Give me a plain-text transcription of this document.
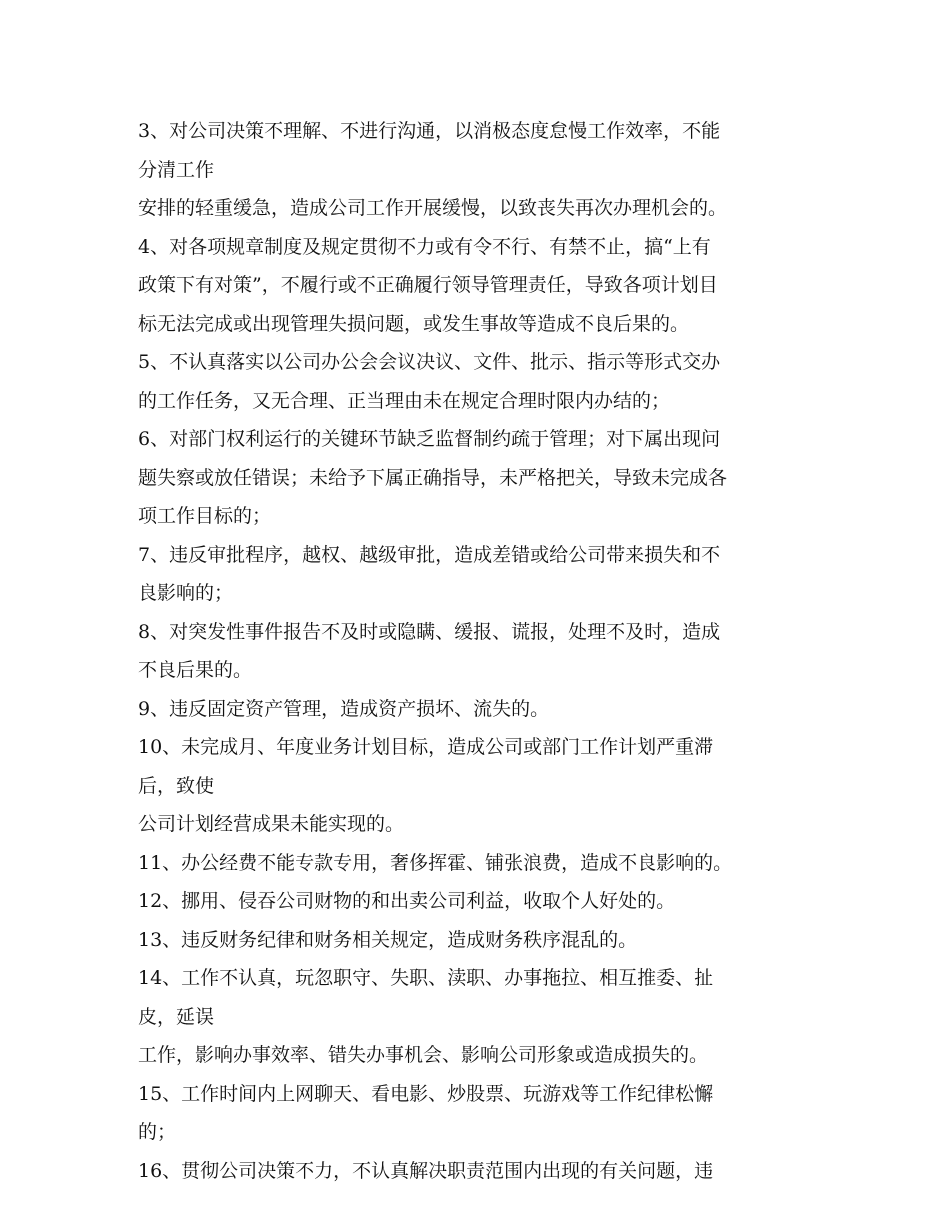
3、对公司决策不理解、不进行沟通，以消极态度怠慢工作效率，不能
分清工作
安排的轻重缓急，造成公司工作开展缓慢，以致丧失再次办理机会的。
4、对各项规章制度及规定贯彻不力或有令不行、有禁不止，搞“上有
政策下有对策”，不履行或不正确履行领导管理责任，导致各项计划目
标无法完成或出现管理失损问题，或发生事故等造成不良后果的。
5、不认真落实以公司办公会会议决议、文件、批示、指示等形式交办
的工作任务，又无合理、正当理由未在规定合理时限内办结的；
6、对部门权利运行的关键环节缺乏监督制约疏于管理；对下属出现问
题失察或放任错误；未给予下属正确指导，未严格把关，导致未完成各
项工作目标的；
7、违反审批程序，越权、越级审批，造成差错或给公司带来损失和不
良影响的；
8、对突发性事件报告不及时或隐瞒、缓报、谎报，处理不及时，造成
不良后果的。
9、违反固定资产管理，造成资产损坏、流失的。
10、未完成月、年度业务计划目标，造成公司或部门工作计划严重滞
后，致使
公司计划经营成果未能实现的。
11、办公经费不能专款专用，奢侈挥霍、铺张浪费，造成不良影响的。
12、挪用、侵吞公司财物的和出卖公司利益，收取个人好处的。
13、违反财务纪律和财务相关规定，造成财务秩序混乱的。
14、工作不认真，玩忽职守、失职、渎职、办事拖拉、相互推委、扯
皮，延误
工作，影响办事效率、错失办事机会、影响公司形象或造成损失的。
15、工作时间内上网聊天、看电影、炒股票、玩游戏等工作纪律松懈
的；
16、贯彻公司决策不力，不认真解决职责范围内出现的有关问题，违
